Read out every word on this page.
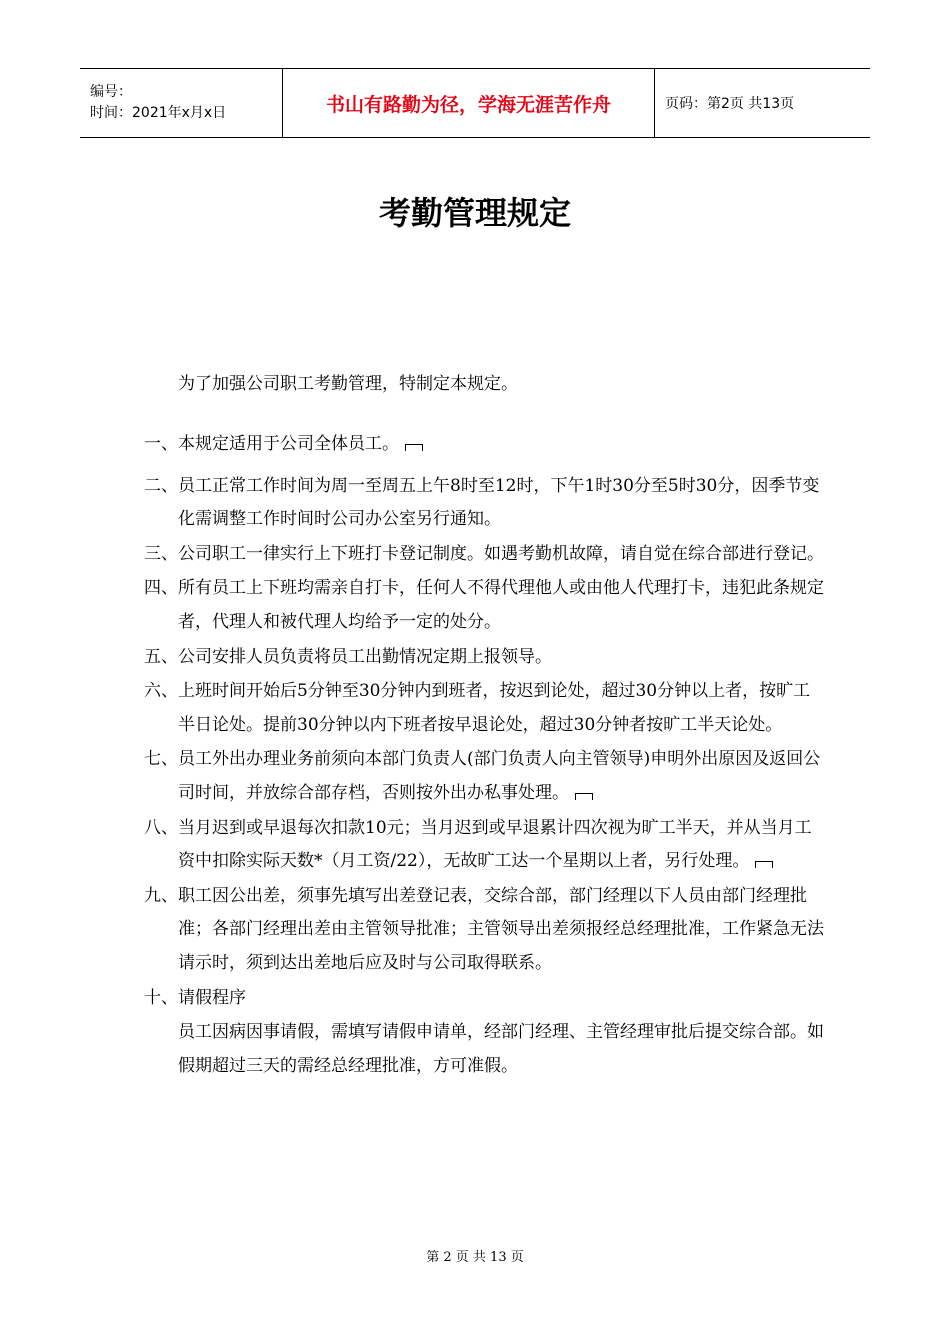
编号：
时间：2021年x月x日	书山有路勤为径，学海无涯苦作舟	页码：第2页 共13页
考勤管理规定
为了加强公司职工考勤管理，特制定本规定。
一、 本规定适用于公司全体员工。
二、 员工正常工作时间为周一至周五上午8时至12时，下午1时30分至5时30分，因季节变化需调整工作时间时公司办公室另行通知。
三、 公司职工一律实行上下班打卡登记制度。如遇考勤机故障，请自觉在综合部进行登记。
四、 所有员工上下班均需亲自打卡，任何人不得代理他人或由他人代理打卡，违犯此条规定者，代理人和被代理人均给予一定的处分。
五、 公司安排人员负责将员工出勤情况定期上报领导。
六、 上班时间开始后5分钟至30分钟内到班者，按迟到论处，超过30分钟以上者，按旷工半日论处。提前30分钟以内下班者按早退论处，超过30分钟者按旷工半天论处。
七、 员工外出办理业务前须向本部门负责人(部门负责人向主管领导)申明外出原因及返回公司时间，并放综合部存档，否则按外出办私事处理。
八、 当月迟到或早退每次扣款10元；当月迟到或早退累计四次视为旷工半天，并从当月工资中扣除实际天数*（月工资/22），无故旷工达一个星期以上者，另行处理。
九、 职工因公出差，须事先填写出差登记表，交综合部，部门经理以下人员由部门经理批准；各部门经理出差由主管领导批准；主管领导出差须报经总经理批准，工作紧急无法请示时，须到达出差地后应及时与公司取得联系。
十、 请假程序
员工因病因事请假，需填写请假申请单，经部门经理、主管经理审批后提交综合部。如假期超过三天的需经总经理批准，方可准假。
第 2 页 共 13 页
